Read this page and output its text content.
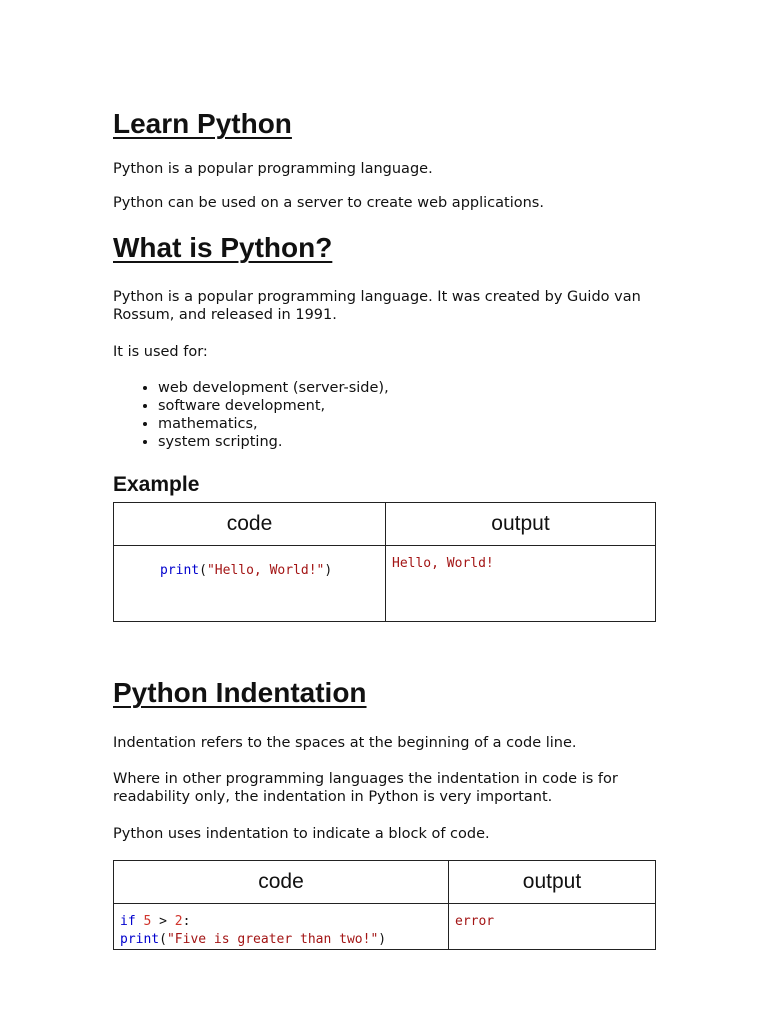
Learn Python

Python is a popular programming language.

Python can be used on a server to create web applications.

What is Python?

Python is a popular programming language. It was created by Guido van Rossum, and released in 1991.

It is used for:

• web development (server-side),
• software development,
• mathematics,
• system scripting.
Example
code	output
print("Hello, World!")	Hello, World!
Python Indentation

Indentation refers to the spaces at the beginning of a code line.

Where in other programming languages the indentation in code is for readability only, the indentation in Python is very important.

Python uses indentation to indicate a block of code.

code	output

if 5 > 2:
print("Five is greater than two!")	error
